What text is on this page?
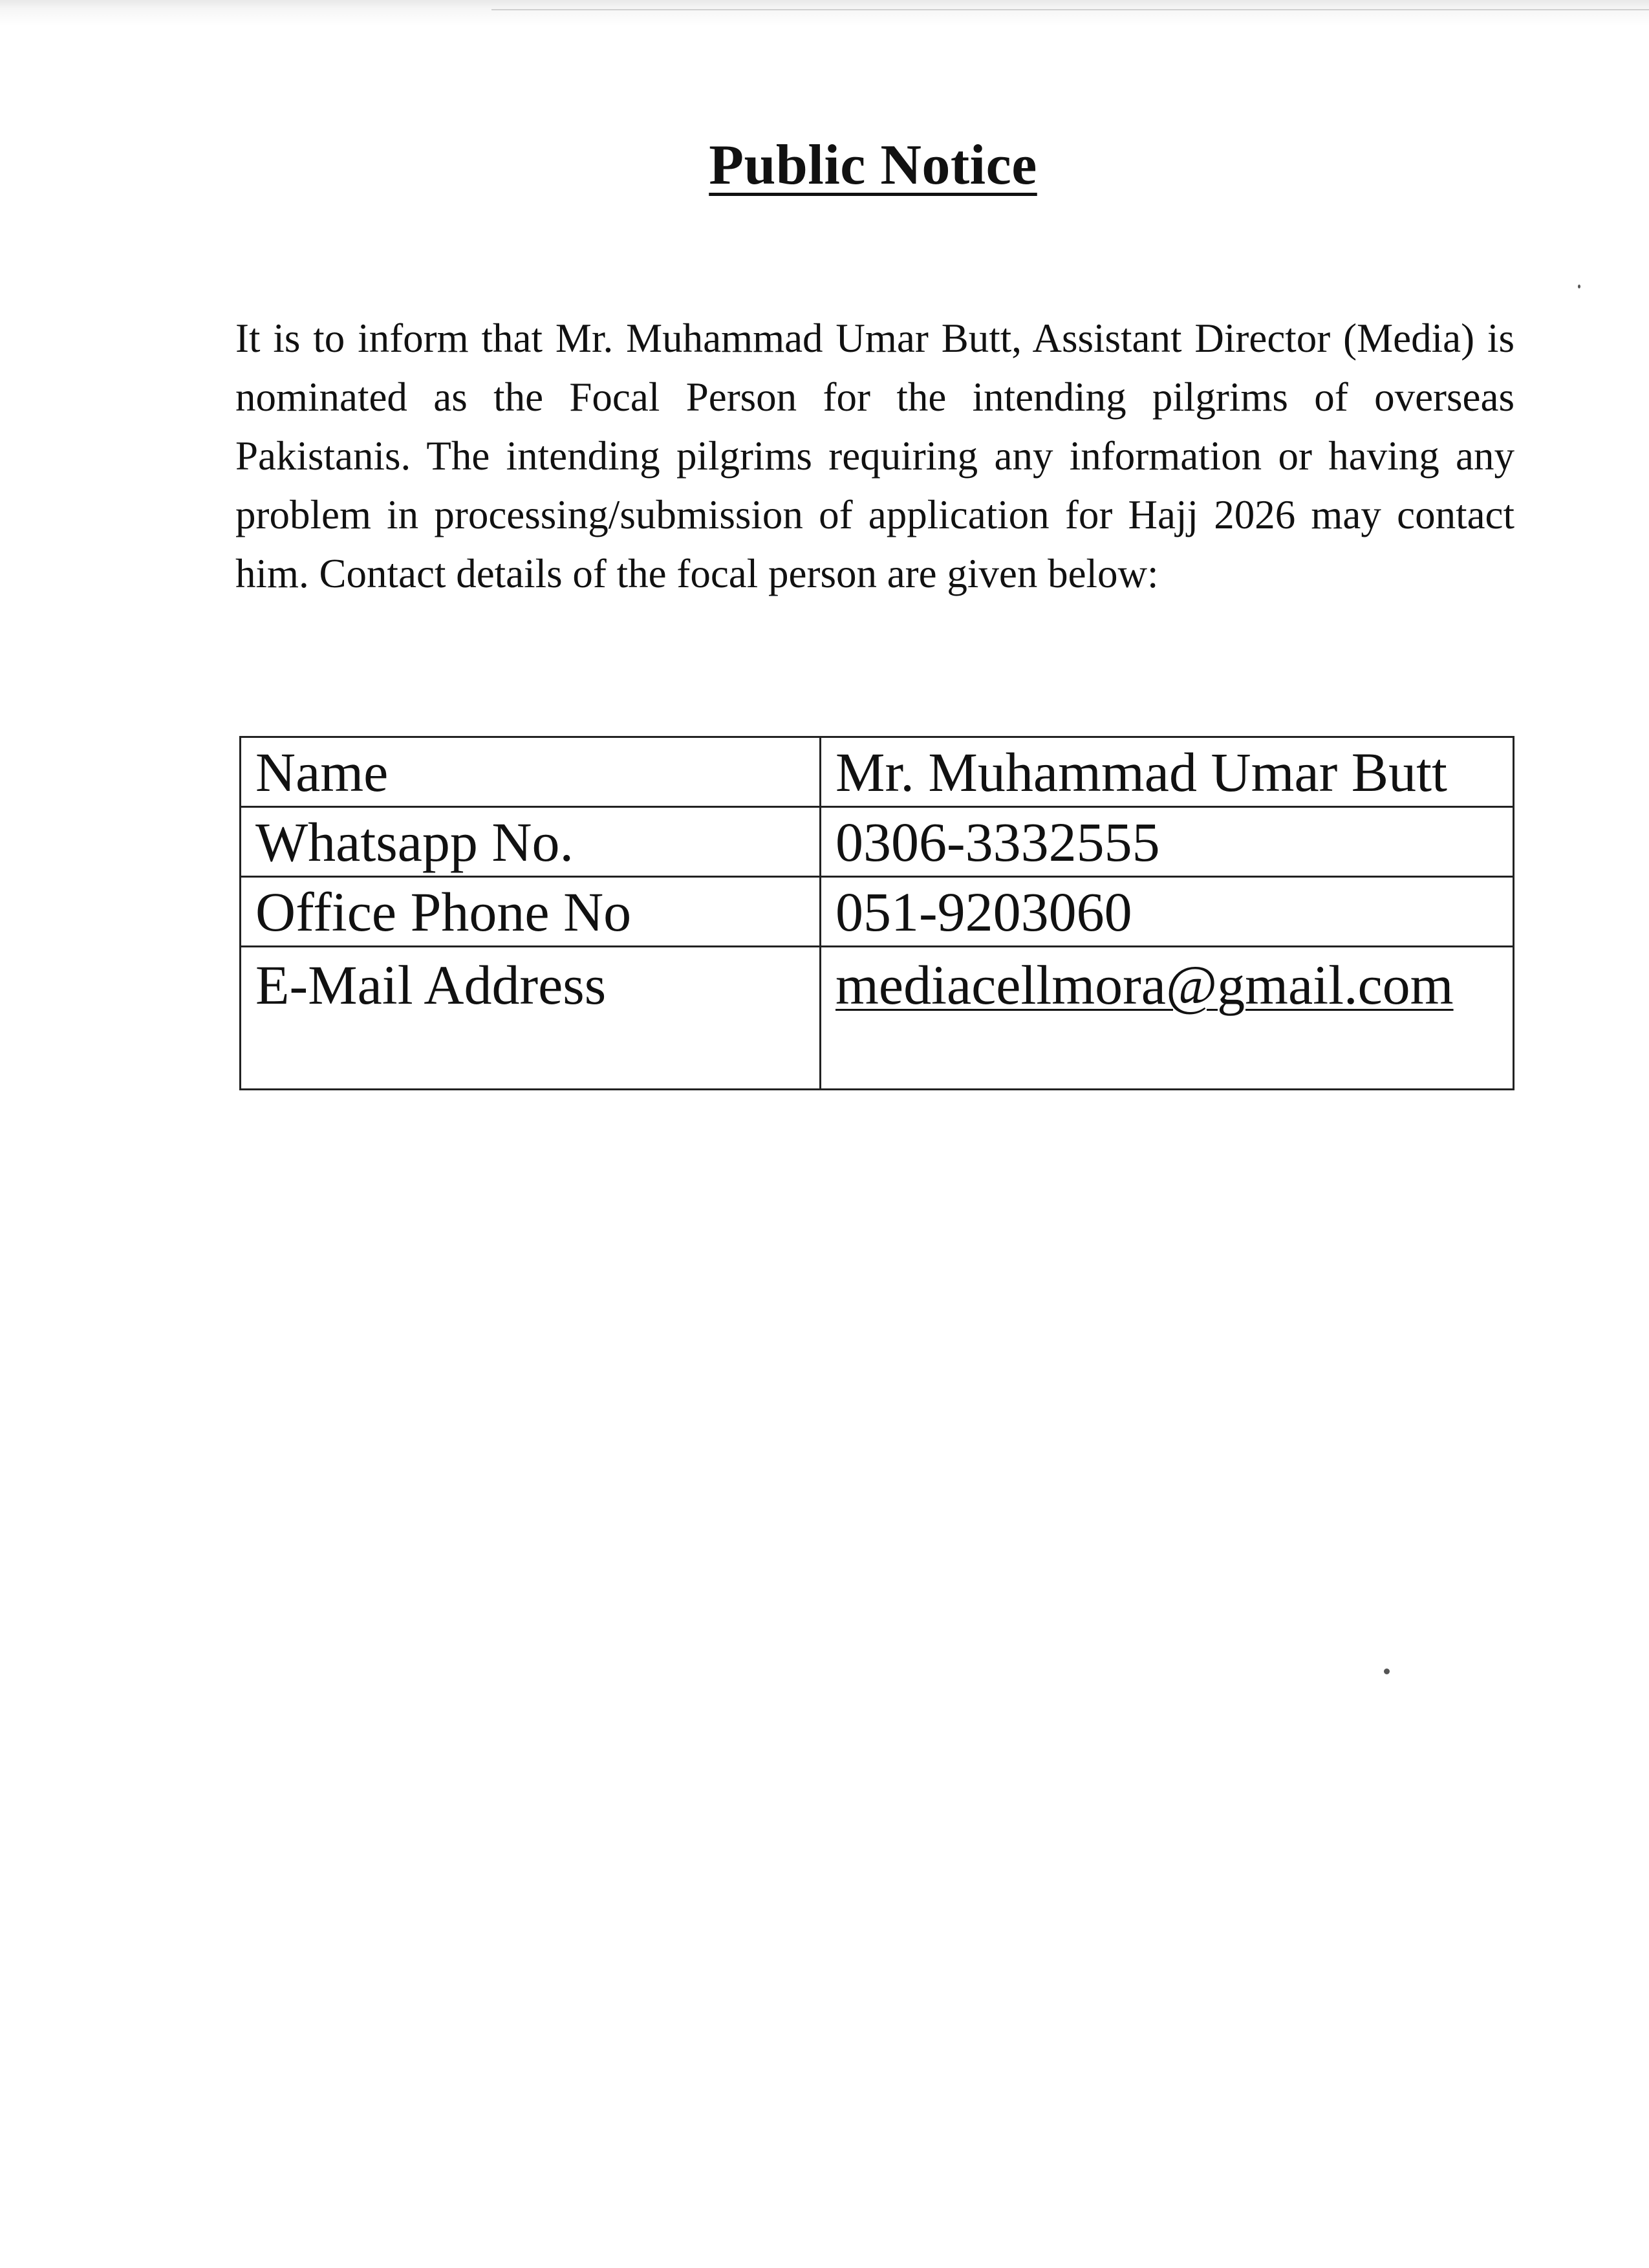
Public Notice

It is to inform that Mr. Muhammad Umar Butt, Assistant Director (Media) is nominated as the Focal Person for the intending pilgrims of overseas Pakistanis. The intending pilgrims requiring any information or having any problem in processing/submission of application for Hajj 2026 may contact him. Contact details of the focal person are given below:

Name	Mr. Muhammad Umar Butt
Whatsapp No.	0306-3332555
Office Phone No	051-9203060
E-Mail Address	mediacellmora@gmail.com
